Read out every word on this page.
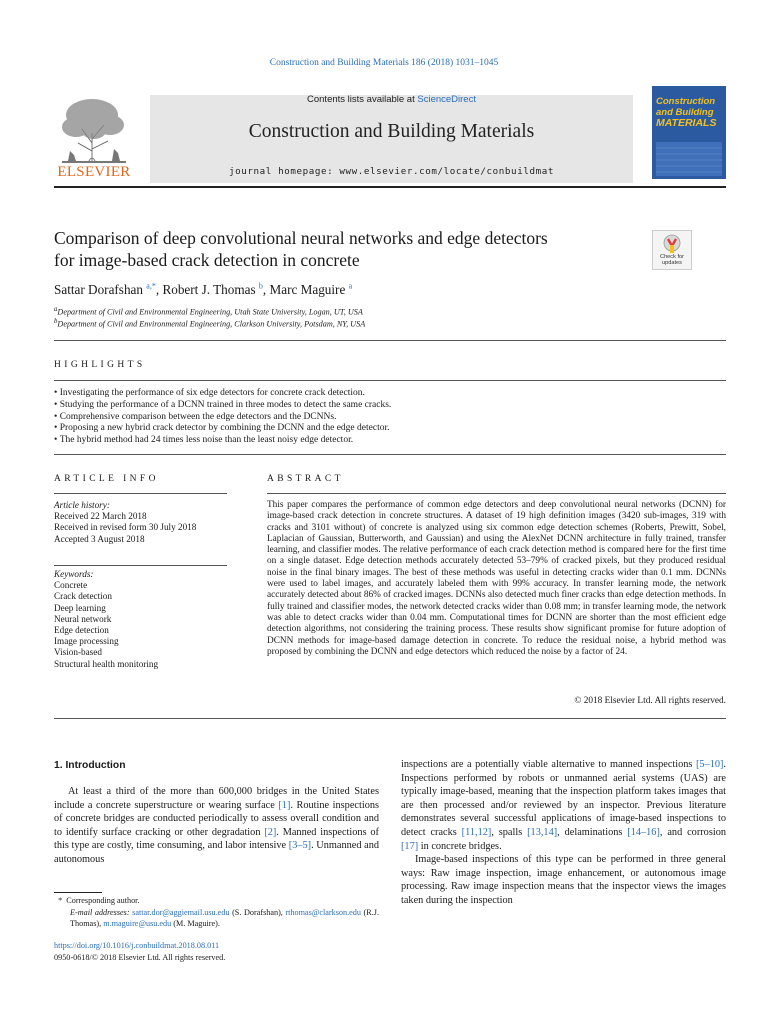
Construction and Building Materials 186 (2018) 1031–1045
ELSEVIER
Contents lists available at ScienceDirect
Construction and Building Materials
journal homepage: www.elsevier.com/locate/conbuildmat
Construction
and Building
MATERIALS
Comparison of deep convolutional neural networks and edge detectors
for image-based crack detection in concrete	Check for updates
Sattar Dorafshan $^{a,*}$, Robert J. Thomas $^b$, Marc Maguire $^a$
$^a$Department of Civil and Environmental Engineering, Utah State University, Logan, UT, USA
$^b$Department of Civil and Environmental Engineering, Clarkson University, Potsdam, NY, USA
HIGHLIGHTS
• Investigating the performance of six edge detectors for concrete crack detection.
• Studying the performance of a DCNN trained in three modes to detect the same cracks.
• Comprehensive comparison between the edge detectors and the DCNNs.
• Proposing a new hybrid crack detector by combining the DCNN and the edge detector.
• The hybrid method had 24 times less noise than the least noisy edge detector.
ARTICLE INFO
Article history:
Received 22 March 2018
Received in revised form 30 July 2018
Accepted 3 August 2018
Keywords:
Concrete
Crack detection
Deep learning
Neural network
Edge detection
Image processing
Vision-based
Structural health monitoring
ABSTRACT
This paper compares the performance of common edge detectors and deep convolutional neural networks (DCNN) for image-based crack detection in concrete structures. A dataset of 19 high definition images (3420 sub-images, 319 with cracks and 3101 without) of concrete is analyzed using six common edge detection schemes (Roberts, Prewitt, Sobel, Laplacian of Gaussian, Butterworth, and Gaussian) and using the AlexNet DCNN architecture in fully trained, transfer learning, and classifier modes. The relative performance of each crack detection method is compared here for the first time on a single dataset. Edge detection methods accurately detected 53–79% of cracked pixels, but they produced residual noise in the final binary images. The best of these methods was useful in detecting cracks wider than 0.1 mm. DCNNs were used to label images, and accurately labeled them with 99% accuracy. In transfer learning mode, the network accurately detected about 86% of cracked images. DCNNs also detected much finer cracks than edge detection methods. In fully trained and classifier modes, the network detected cracks wider than 0.08 mm; in transfer learning mode, the network was able to detect cracks wider than 0.04 mm. Computational times for DCNN are shorter than the most efficient edge detection algorithms, not considering the training process. These results show significant promise for future adoption of DCNN methods for image-based damage detection in concrete. To reduce the residual noise, a hybrid method was proposed by combining the DCNN and edge detectors which reduced the noise by a factor of 24.
© 2018 Elsevier Ltd. All rights reserved.
1. Introduction
At least a third of the more than 600,000 bridges in the United States include a concrete superstructure or wearing surface [1]. Routine inspections of concrete bridges are conducted periodically to assess overall condition and to identify surface cracking or other degradation [2]. Manned inspections of this type are costly, time consuming, and labor intensive [3–5]. Unmanned and autonomous
inspections are a potentially viable alternative to manned inspections [5–10]. Inspections performed by robots or unmanned aerial systems (UAS) are typically image-based, meaning that the inspection platform takes images that are then processed and/or reviewed by an inspector. Previous literature demonstrates several successful applications of image-based inspections to detect cracks [11,12], spalls [13,14], delaminations [14–16], and corrosion [17] in concrete bridges.
Image-based inspections of this type can be performed in three general ways: Raw image inspection, image enhancement, or autonomous image processing. Raw image inspection means that the inspector views the images taken during the inspection
* Corresponding author.
E-mail addresses: sattar.dor@aggiemail.usu.edu (S. Dorafshan), rthomas@clarkson.edu (R.J. Thomas), m.maguire@usu.edu (M. Maguire).
https://doi.org/10.1016/j.conbuildmat.2018.08.011
0950-0618/© 2018 Elsevier Ltd. All rights reserved.
